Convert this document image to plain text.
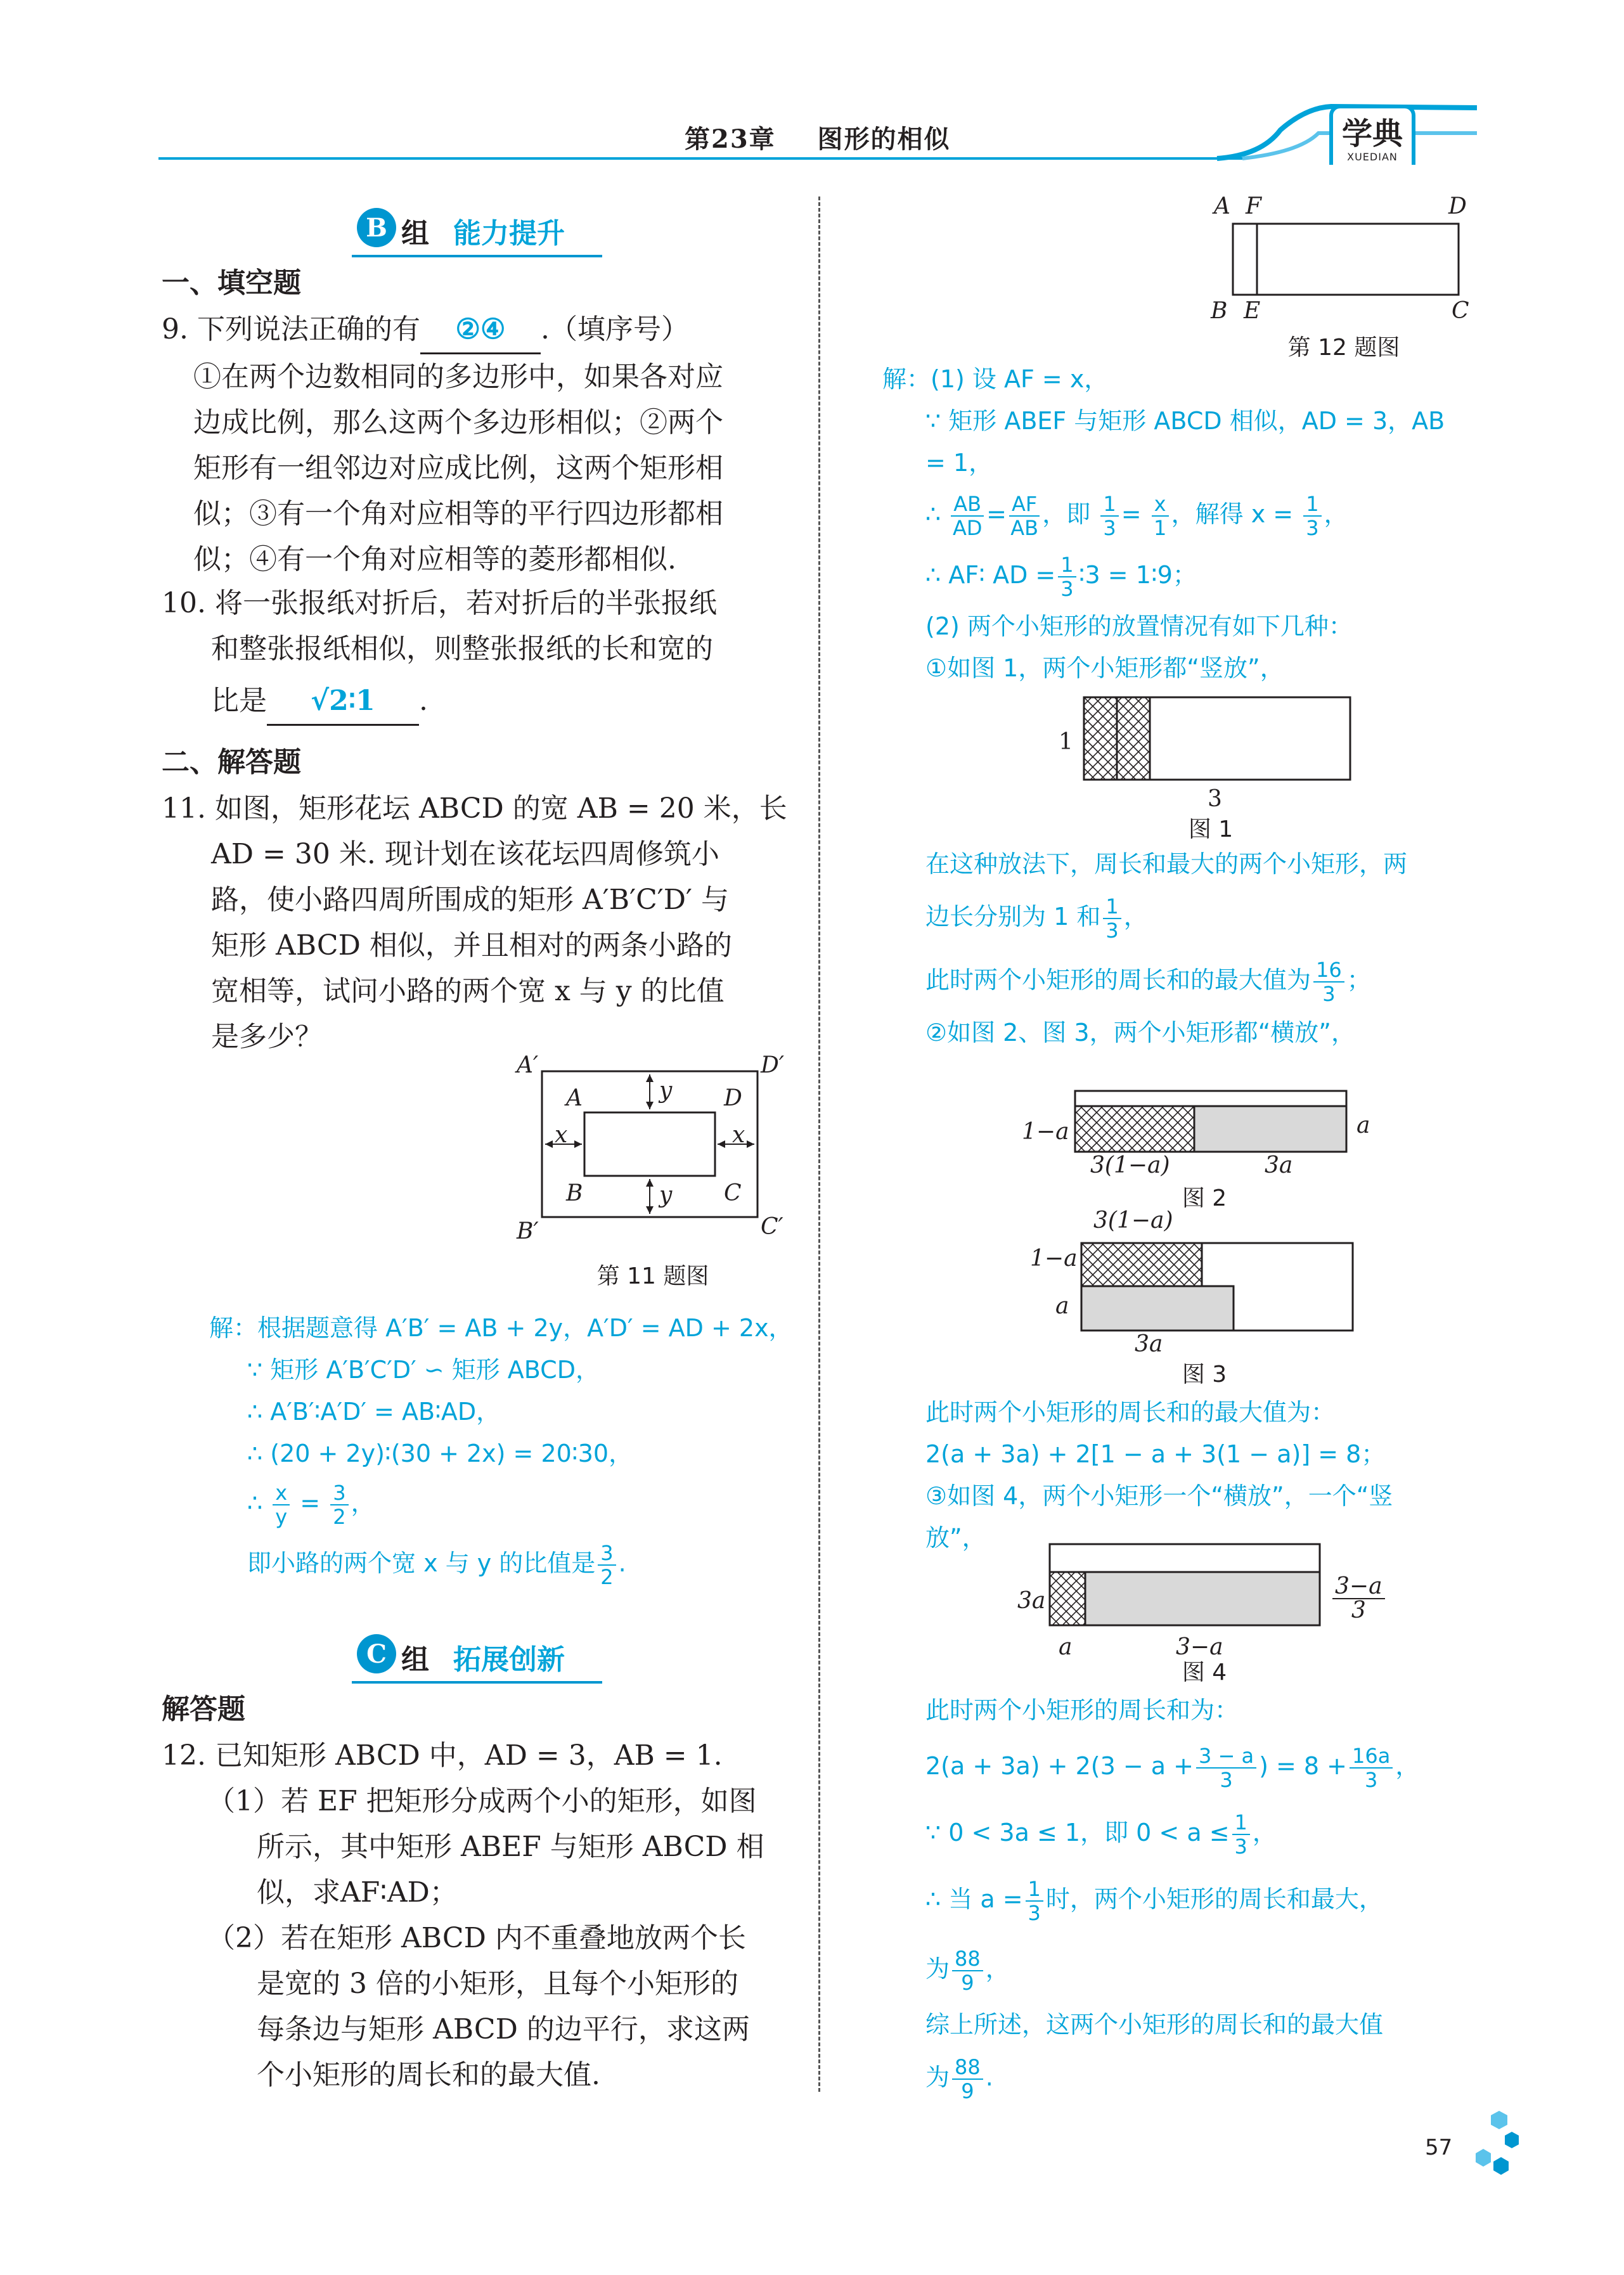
第23章 图形的相似	学典
XUEDIAN
B 组 能力提升
一、填空题
9. 下列说法正确的有 ②④ .（填序号）
①在两个边数相同的多边形中，如果各对应
边成比例，那么这两个多边形相似；②两个
矩形有一组邻边对应成比例，这两个矩形相
似；③有一个角对应相等的平行四边形都相
似；④有一个角对应相等的菱形都相似.
10. 将一张报纸对折后，若对折后的半张报纸
和整张报纸相似，则整张报纸的长和宽的
比是 √2∶1 .
二、解答题
11. 如图，矩形花坛 ABCD 的宽 AB = 20 米，长
AD = 30 米. 现计划在该花坛四周修筑小
路，使小路四周所围成的矩形 A′B′C′D′ 与
矩形 ABCD 相似，并且相对的两条小路的
宽相等，试问小路的两个宽 x 与 y 的比值
是多少？
A′	D′
B′	C′
A	D
B	C
y
y
x	x
第 11 题图
解：根据题意得 A′B′ = AB + 2y，A′D′ = AD + 2x，
∵ 矩形 A′B′C′D′ ∽ 矩形 ABCD，
∴ A′B′∶A′D′ = AB∶AD，
∴ (20 + 2y)∶(30 + 2x) = 20∶30，
∴ $\frac{x}{y} = \frac{3}{2}$ ，
即小路的两个宽 x 与 y 的比值是 $\frac{3}{2}$ .
C 组 拓展创新
解答题
12. 已知矩形 ABCD 中，AD = 3，AB = 1.
（1）若 EF 把矩形分成两个小的矩形，如图
所示，其中矩形 ABEF 与矩形 ABCD 相
似，求AF∶AD；
（2）若在矩形 ABCD 内不重叠地放两个长
是宽的 3 倍的小矩形，且每个小矩形的
每条边与矩形 ABCD 的边平行，求这两
个小矩形的周长和的最大值.
A F	D
B E	C
第 12 题图
解：(1) 设 AF = x，
∵ 矩形 ABEF 与矩形 ABCD 相似，AD = 3，AB
= 1，
∴ $\frac{AB}{AD} = \frac{AF}{AB}$ ，即 $\frac{1}{3} = \frac{x}{1}$ ，解得 $x = \frac{1}{3}$ ，
∴ AF∶ AD = $\frac{1}{3}$ ∶3 = 1∶9；
(2) 两个小矩形的放置情况有如下几种：
①如图 1，两个小矩形都“竖放”，
1
3
图 1
在这种放法下，周长和最大的两个小矩形，两
边长分别为 1 和 $\frac{1}{3}$ ，
此时两个小矩形的周长和的最大值为 $\frac{16}{3}$ ；
②如图 2、图 3，两个小矩形都“横放”，
1−a	a
3(1−a)	3a
图 2
3(1−a)
1−a
a
3a
图 3
此时两个小矩形的周长和的最大值为：
2(a + 3a) + 2[1 − a + 3(1 − a)] = 8；
③如图 4，两个小矩形一个“横放”，一个“竖
放”，
3a	$\frac{3-a}{3}$
a	3−a
图 4
此时两个小矩形的周长和为：
$2(a + 3a) + 2(3 - a + \frac{3 - a}{3}$ ) = $8 + \frac{16a}{3}$ ，
∵ 0 < 3a ≤ 1，即 $0 < a \le \frac{1}{3}$ ，
∴ 当 $a = \frac{1}{3}$ 时，两个小矩形的周长和最大，
为 $\frac{88}{9}$ ，
综上所述，这两个小矩形的周长和的最大值
为 $\frac{88}{9}$ .
57
